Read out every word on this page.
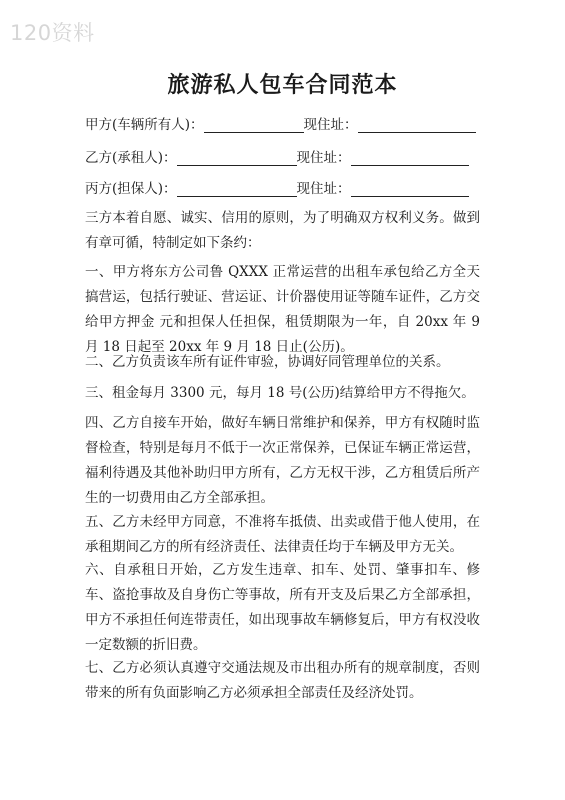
120资料
旅游私人包车合同范本
甲方(车辆所有人)：	现住址：
乙方(承租人)：	现住址：
丙方(担保人)：	现住址：

三方本着自愿、诚实、信用的原则，为了明确双方权利义务。做到有章可循，特制定如下条约：

一、甲方将东方公司鲁 QXXX 正常运营的出租车承包给乙方全天搞营运，包括行驶证、营运证、计价器使用证等随车证件，乙方交给甲方押金 元和担保人任担保，租赁期限为一年，自 20xx 年 9 月 18 日起至 20xx 年 9 月 18 日止(公历)。

二、乙方负责该车所有证件审验，协调好同管理单位的关系。

三、租金每月 3300 元，每月 18 号(公历)结算给甲方不得拖欠。

四、乙方自接车开始，做好车辆日常维护和保养，甲方有权随时监督检查，特别是每月不低于一次正常保养，已保证车辆正常运营，福利待遇及其他补助归甲方所有，乙方无权干涉，乙方租赁后所产生的一切费用由乙方全部承担。

五、乙方未经甲方同意，不准将车抵债、出卖或借于他人使用，在承租期间乙方的所有经济责任、法律责任均于车辆及甲方无关。

六、自承租日开始，乙方发生违章、扣车、处罚、肇事扣车、修车、盗抢事故及自身伤亡等事故，所有开支及后果乙方全部承担，甲方不承担任何连带责任，如出现事故车辆修复后，甲方有权没收一定数额的折旧费。

七、乙方必须认真遵守交通法规及市出租办所有的规章制度，否则带来的所有负面影响乙方必须承担全部责任及经济处罚。
